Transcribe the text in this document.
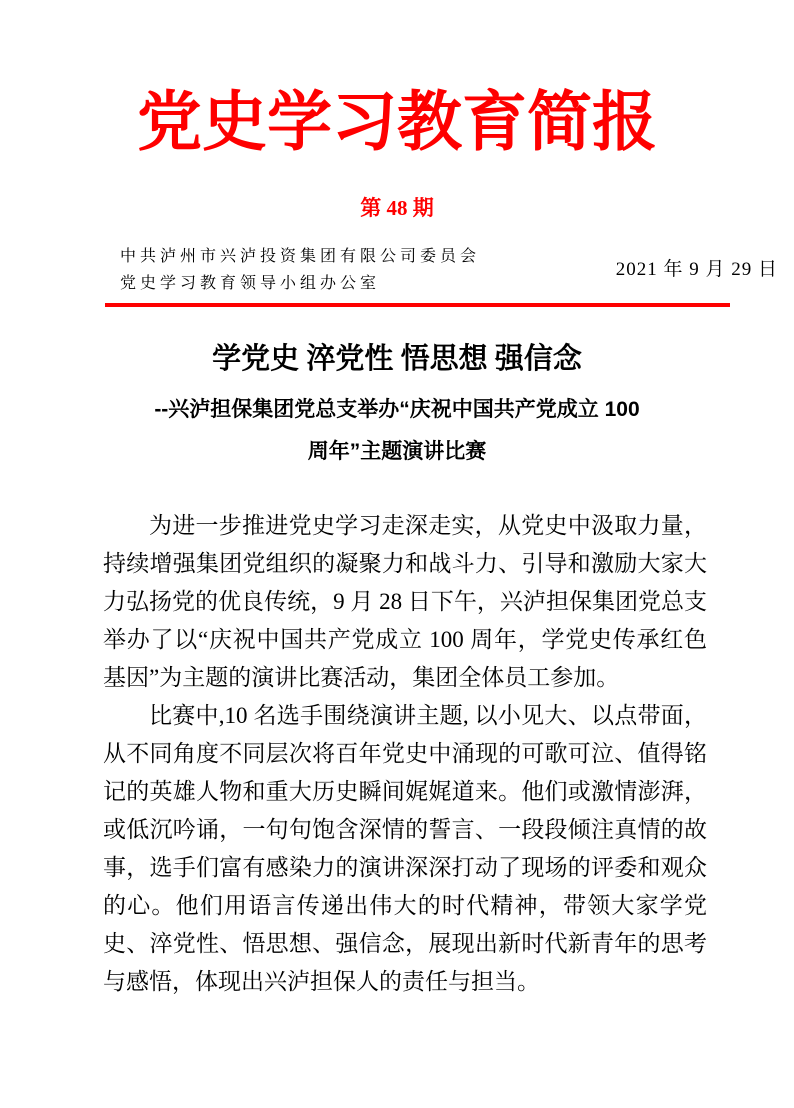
党史学习教育简报
第 48 期
中共泸州市兴泸投资集团有限公司委员会
党史学习教育领导小组办公室
2021 年 9 月 29 日
学党史 淬党性 悟思想 强信念
--兴泸担保集团党总支举办“庆祝中国共产党成立 100
周年”主题演讲比赛

为进一步推进党史学习走深走实，从党史中汲取力量，持续增强集团党组织的凝聚力和战斗力、引导和激励大家大力弘扬党的优良传统，9 月 28 日下午，兴泸担保集团党总支举办了以“庆祝中国共产党成立 100 周年，学党史传承红色基因”为主题的演讲比赛活动，集团全体员工参加。

比赛中,10 名选手围绕演讲主题, 以小见大、以点带面，从不同角度不同层次将百年党史中涌现的可歌可泣、值得铭记的英雄人物和重大历史瞬间娓娓道来。他们或激情澎湃，或低沉吟诵，一句句饱含深情的誓言、一段段倾注真情的故事，选手们富有感染力的演讲深深打动了现场的评委和观众的心。他们用语言传递出伟大的时代精神，带领大家学党史、淬党性、悟思想、强信念，展现出新时代新青年的思考与感悟，体现出兴泸担保人的责任与担当。
